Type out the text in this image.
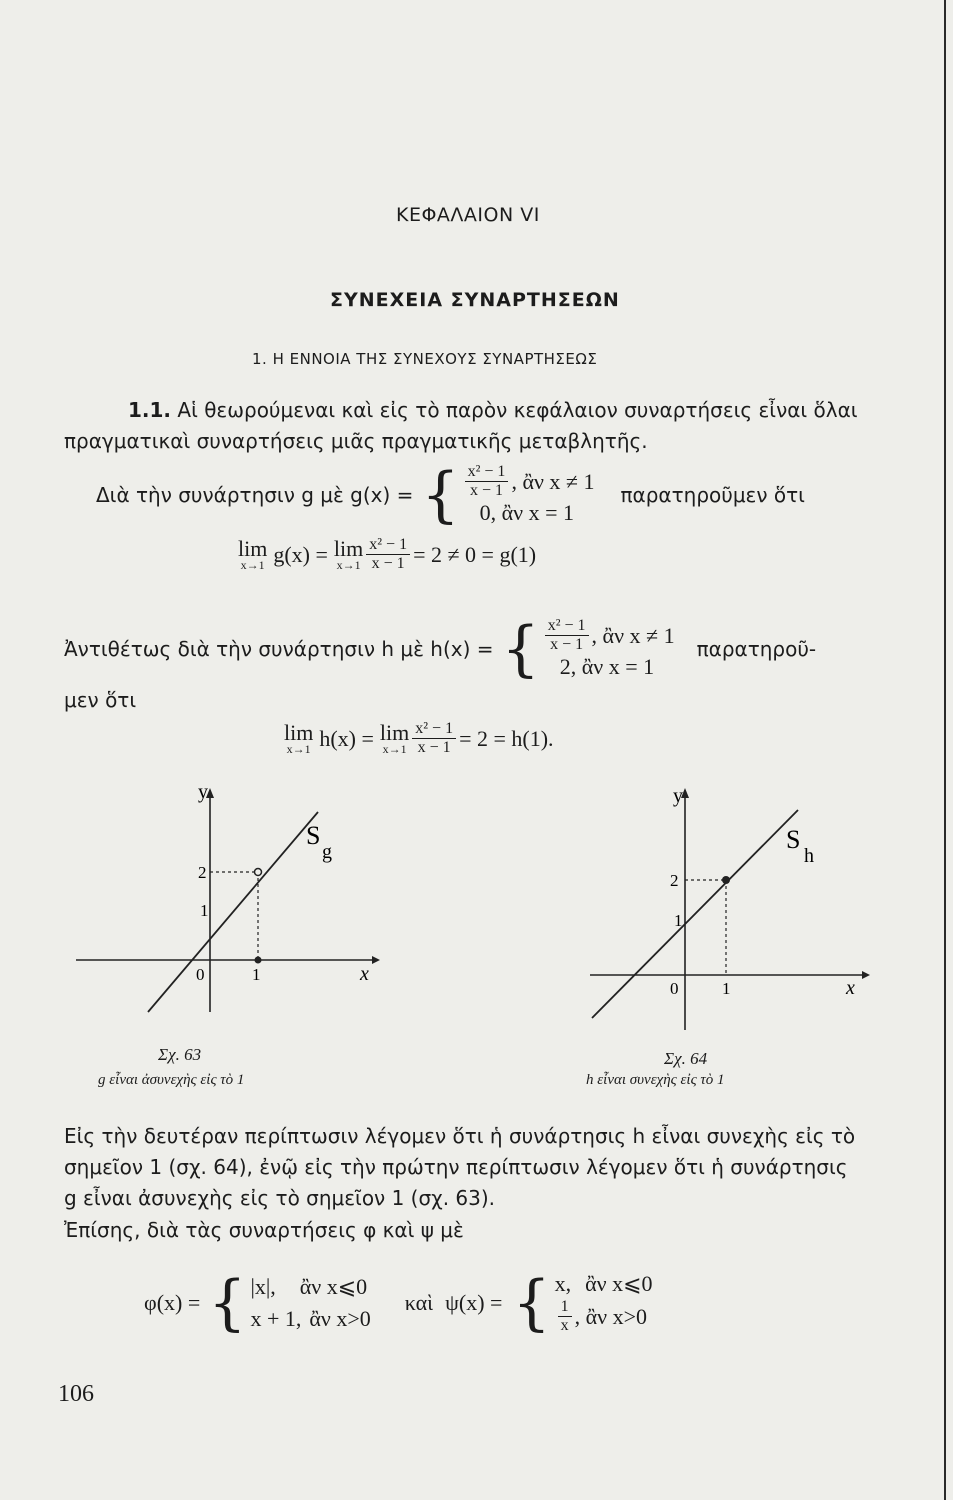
ΚΕΦΑΛΑΙΟΝ VI
ΣΥΝΕΧΕΙΑ ΣΥΝΑΡΤΗΣΕΩΝ
1. Η ΕΝΝΟΙΑ ΤΗΣ ΣΥΝΕΧΟΥΣ ΣΥΝΑΡΤΗΣΕΩΣ
1.1. Αἱ θεωρούμεναι καὶ εἰς τὸ παρὸν κεφάλαιον συναρτήσεις εἶναι ὅλαι
πραγματικαὶ συναρτήσεις μιᾶς πραγματικῆς μεταβλητῆς.
Διὰ τὴν συνάρτησιν g μὲ g(x) = { $\frac{\text{x² − 1}}{x - 1}$ , ἂν x ≠ 1
0, ἂν x = 1
παρατηροῦμεν ὅτι
lim
x→1 g(x) = lim
$x\to 1 \frac{\text{x² − 1}}{x - 1} = 2 \ne 0 = g(1)$
Ἀντιθέτως διὰ τὴν συνάρτησιν h μὲ h(x) = { $\frac{\text{x² − 1}}{x - 1}$ , ἂν x ≠ 1
2, ἂν x = 1
παρατηροῦ-
μεν ὅτι
lim
x→1 h(x) = lim
$x\to 1 \frac{\text{x² − 1}}{x - 1} = 2 = h(1)$.
y
x
S
g
2
1
0	1
Σχ. 63
g εἶναι ἀσυνεχὴς εἰς τὸ 1
y
x
S
h
2
1
0	1
Σχ. 64
h εἶναι συνεχὴς εἰς τὸ 1
Εἰς τὴν δευτέραν περίπτωσιν λέγομεν ὅτι ἡ συνάρτησις h εἶναι συνεχὴς εἰς τὸ
σημεῖον 1 (σχ. 64), ἐνῷ εἰς τὴν πρώτην περίπτωσιν λέγομεν ὅτι ἡ συνάρτησις
g εἶναι ἀσυνεχὴς εἰς τὸ σημεῖον 1 (σχ. 63).
Ἐπίσης, διὰ τὰς συναρτήσεις φ καὶ ψ μὲ
φ(x) = { |x|, ἂν x⩽0
x + 1, ἂν x>0
καὶ ψ(x) = { x, ἂν x⩽0
$\frac{1}{x}$ , ἂν x>0
106
